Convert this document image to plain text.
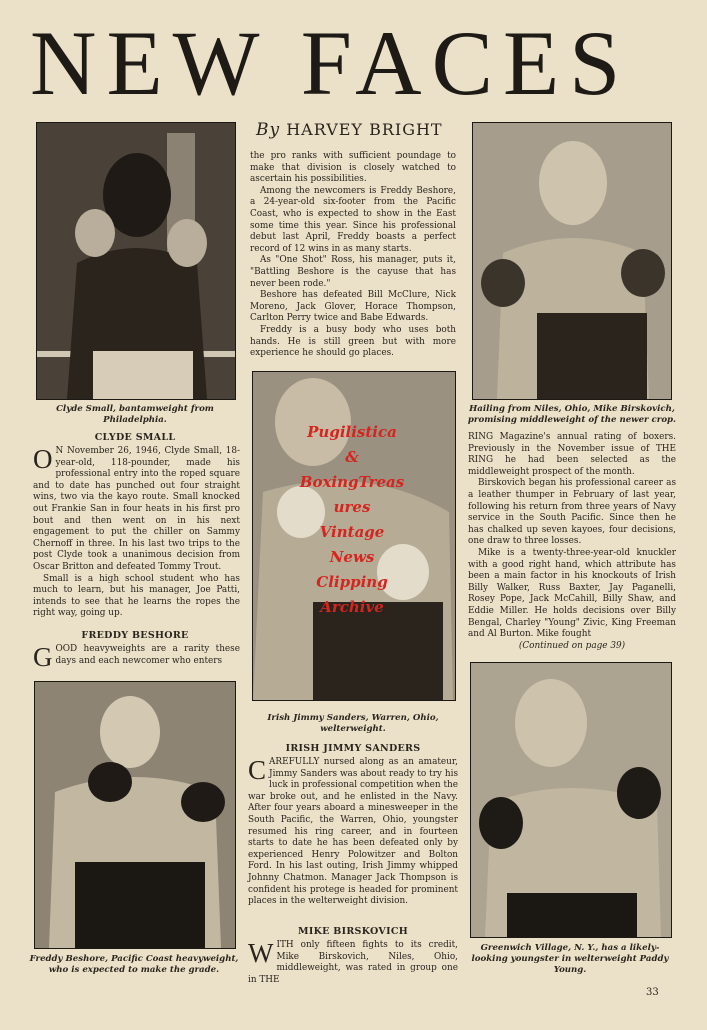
NEW FACES
By HARVEY BRIGHT
Clyde Small, bantamweight from Philadelphia.
CLYDE SMALL

O N November 26, 1946, Clyde Small, 18-year-old, 118-pounder, made his professional entry into the roped square and to date has punched out four straight wins, two via the kayo route. Small knocked out Frankie San in four heats in his first pro bout and then went on in his next engagement to put the chiller on Sammy Chernoff in three. In his last two trips to the post Clyde took a unanimous decision from Oscar Britton and defeated Tommy Trout.

Small is a high school student who has much to learn, but his manager, Joe Patti, intends to see that he learns the ropes the right way, going up.

FREDDY BESHORE

GOOD heavyweights are a rarity these days and each newcomer who enters

Freddy Beshore, Pacific Coast heavyweight, who is expected to make the grade.

the pro ranks with sufficient poundage to make that division is closely watched to ascertain his possibilities.

Among the newcomers is Freddy Beshore, a 24-year-old six-footer from the Pacific Coast, who is expected to show in the East some time this year. Since his professional debut last April, Freddy boasts a perfect record of 12 wins in as many starts.

As "One Shot" Ross, his manager, puts it, "Battling Beshore is the cayuse that has never been rode."

Beshore has defeated Bill McClure, Nick Moreno, Jack Glover, Horace Thompson, Carlton Perry twice and Babe Edwards.

Freddy is a busy body who uses both hands. He is still green but with more experience he should go places.

Pugilistica
&
BoxingTreas
ures
Vintage
News
Clipping
Archive
Irish Jimmy Sanders, Warren, Ohio, welterweight.
IRISH JIMMY SANDERS

CAREFULLY nursed along as an amateur, Jimmy Sanders was about ready to try his luck in professional competition when the war broke out, and he enlisted in the Navy. After four years aboard a minesweeper in the South Pacific, the Warren, Ohio, youngster resumed his ring career, and in fourteen starts to date he has been defeated only by experienced Henry Polowitzer and Bolton Ford. In his last outing, Irish Jimmy whipped Johnny Chatmon. Manager Jack Thompson is confident his protege is headed for prominent places in the welterweight division.

MIKE BIRSKOVICH

WITH only fifteen fights to its credit, Mike Birskovich, Niles, Ohio, middleweight, was rated in group one in THE

Hailing from Niles, Ohio, Mike Birskovich, promising middleweight of the newer crop.

RING Magazine's annual rating of boxers. Previously in the November issue of THE RING he had been selected as the middleweight prospect of the month.

Birskovich began his professional career as a leather thumper in February of last year, following his return from three years of Navy service in the South Pacific. Since then he has chalked up seven kayoes, four decisions, one draw to three losses.

Mike is a twenty-three-year-old knuckler with a good right hand, which attribute has been a main factor in his knockouts of Irish Billy Walker, Russ Baxter, Jay Paganelli, Rosey Pope, Jack McCahill, Billy Shaw, and Eddie Miller. He holds decisions over Billy Bengal, Charley "Young" Zivic, King Freeman and Al Burton. Mike fought

(Continued on page 39)
Greenwich Village, N. Y., has a likely-looking youngster in welterweight Paddy Young.
33
